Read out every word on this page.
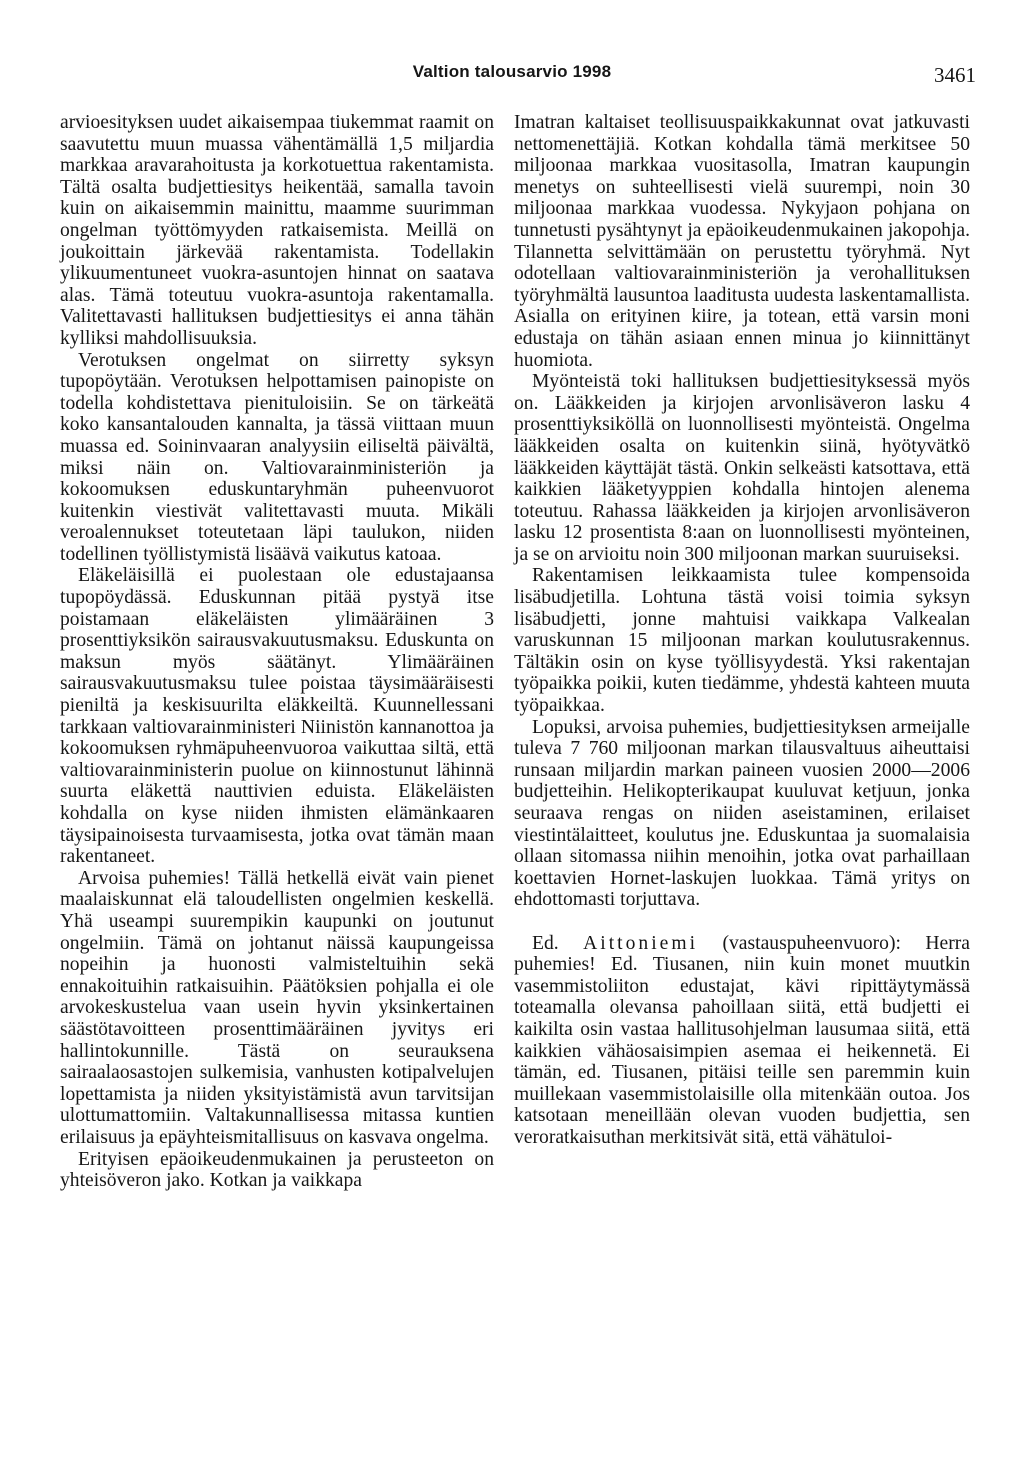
Valtion talousarvio 1998	3461

arvioesityksen uudet aikaisempaa tiukemmat raamit on saavutettu muun muassa vähentämällä 1,5 miljardia markkaa aravarahoitusta ja korkotuettua rakentamista. Tältä osalta budjettiesitys heikentää, samalla tavoin kuin on aikaisemmin mainittu, maamme suurimman ongelman työttömyyden ratkaisemista. Meillä on joukoittain järkevää rakentamista. Todellakin ylikuumentuneet vuokra-asuntojen hinnat on saatava alas. Tämä toteutuu vuokra-asuntoja rakentamalla. Valitettavasti hallituksen budjettiesitys ei anna tähän kylliksi mahdollisuuksia.

Verotuksen ongelmat on siirretty syksyn tupopöytään. Verotuksen helpottamisen painopiste on todella kohdistettava pienituloisiin. Se on tärkeätä koko kansantalouden kannalta, ja tässä viittaan muun muassa ed. Soininvaaran analyysiin eiliseltä päivältä, miksi näin on. Valtiovarainministeriön ja kokoomuksen eduskuntaryhmän puheenvuorot kuitenkin viestivät valitettavasti muuta. Mikäli veroalennukset toteutetaan läpi taulukon, niiden todellinen työllistymistä lisäävä vaikutus katoaa.

Eläkeläisillä ei puolestaan ole edustajaansa tupopöydässä. Eduskunnan pitää pystyä itse poistamaan eläkeläisten ylimääräinen 3 prosenttiyksikön sairausvakuutusmaksu. Eduskunta on maksun myös säätänyt. Ylimääräinen sairausvakuutusmaksu tulee poistaa täysimääräisesti pieniltä ja keskisuurilta eläkkeiltä. Kuunnellessani tarkkaan valtiovarainministeri Niinistön kannanottoa ja kokoomuksen ryhmäpuheenvuoroa vaikuttaa siltä, että valtiovarainministerin puolue on kiinnostunut lähinnä suurta eläkettä nauttivien eduista. Eläkeläisten kohdalla on kyse niiden ihmisten elämänkaaren täysipainoisesta turvaamisesta, jotka ovat tämän maan rakentaneet.

Arvoisa puhemies! Tällä hetkellä eivät vain pienet maalaiskunnat elä taloudellisten ongelmien keskellä. Yhä useampi suurempikin kaupunki on joutunut ongelmiin. Tämä on johtanut näissä kaupungeissa nopeihin ja huonosti valmisteltuihin sekä ennakoituihin ratkaisuihin. Päätöksien pohjalla ei ole arvokeskustelua vaan usein hyvin yksinkertainen säästötavoitteen prosenttimääräinen jyvitys eri hallintokunnille. Tästä on seurauksena sairaalaosastojen sulkemisia, vanhusten kotipalvelujen lopettamista ja niiden yksityistämistä avun tarvitsijan ulottumattomiin. Valtakunnallisessa mitassa kuntien erilaisuus ja epäyhteismitallisuus on kasvava ongelma.

Erityisen epäoikeudenmukainen ja perusteeton on yhteisöveron jako. Kotkan ja vaikkapa

Imatran kaltaiset teollisuuspaikkakunnat ovat jatkuvasti nettomenettäjiä. Kotkan kohdalla tämä merkitsee 50 miljoonaa markkaa vuositasolla, Imatran kaupungin menetys on suhteellisesti vielä suurempi, noin 30 miljoonaa markkaa vuodessa. Nykyjaon pohjana on tunnetusti pysähtynyt ja epäoikeudenmukainen jakopohja. Tilannetta selvittämään on perustettu työryhmä. Nyt odotellaan valtiovarainministeriön ja verohallituksen työryhmältä lausuntoa laaditusta uudesta laskentamallista. Asialla on erityinen kiire, ja totean, että varsin moni edustaja on tähän asiaan ennen minua jo kiinnittänyt huomiota.

Myönteistä toki hallituksen budjettiesityksessä myös on. Lääkkeiden ja kirjojen arvonlisäveron lasku 4 prosenttiyksiköllä on luonnollisesti myönteistä. Ongelma lääkkeiden osalta on kuitenkin siinä, hyötyvätkö lääkkeiden käyttäjät tästä. Onkin selkeästi katsottava, että kaikkien lääketyyppien kohdalla hintojen alenema toteutuu. Rahassa lääkkeiden ja kirjojen arvonlisäveron lasku 12 prosentista 8:aan on luonnollisesti myönteinen, ja se on arvioitu noin 300 miljoonan markan suuruiseksi.

Rakentamisen leikkaamista tulee kompensoida lisäbudjetilla. Lohtuna tästä voisi toimia syksyn lisäbudjetti, jonne mahtuisi vaikkapa Valkealan varuskunnan 15 miljoonan markan koulutusrakennus. Tältäkin osin on kyse työllisyydestä. Yksi rakentajan työpaikka poikii, kuten tiedämme, yhdestä kahteen muuta työpaikkaa.

Lopuksi, arvoisa puhemies, budjettiesityksen armeijalle tuleva 7 760 miljoonan markan tilausvaltuus aiheuttaisi runsaan miljardin markan paineen vuosien 2000—2006 budjetteihin. Helikopterikaupat kuuluvat ketjuun, jonka seuraava rengas on niiden aseistaminen, erilaiset viestintälaitteet, koulutus jne. Eduskuntaa ja suomalaisia ollaan sitomassa niihin menoihin, jotka ovat parhaillaan koettavien Hornet-laskujen luokkaa. Tämä yritys on ehdottomasti torjuttava.

Ed. Aittoniemi (vastauspuheenvuoro): Herra puhemies! Ed. Tiusanen, niin kuin monet muutkin vasemmistoliiton edustajat, kävi ripittäytymässä toteamalla olevansa pahoillaan siitä, että budjetti ei kaikilta osin vastaa hallitusohjelman lausumaa siitä, että kaikkien vähäosaisimpien asemaa ei heikennetä. Ei tämän, ed. Tiusanen, pitäisi teille sen paremmin kuin muillekaan vasemmistolaisille olla mitenkään outoa. Jos katsotaan meneillään olevan vuoden budjettia, sen veroratkaisuthan merkitsivät sitä, että vähätuloi-
